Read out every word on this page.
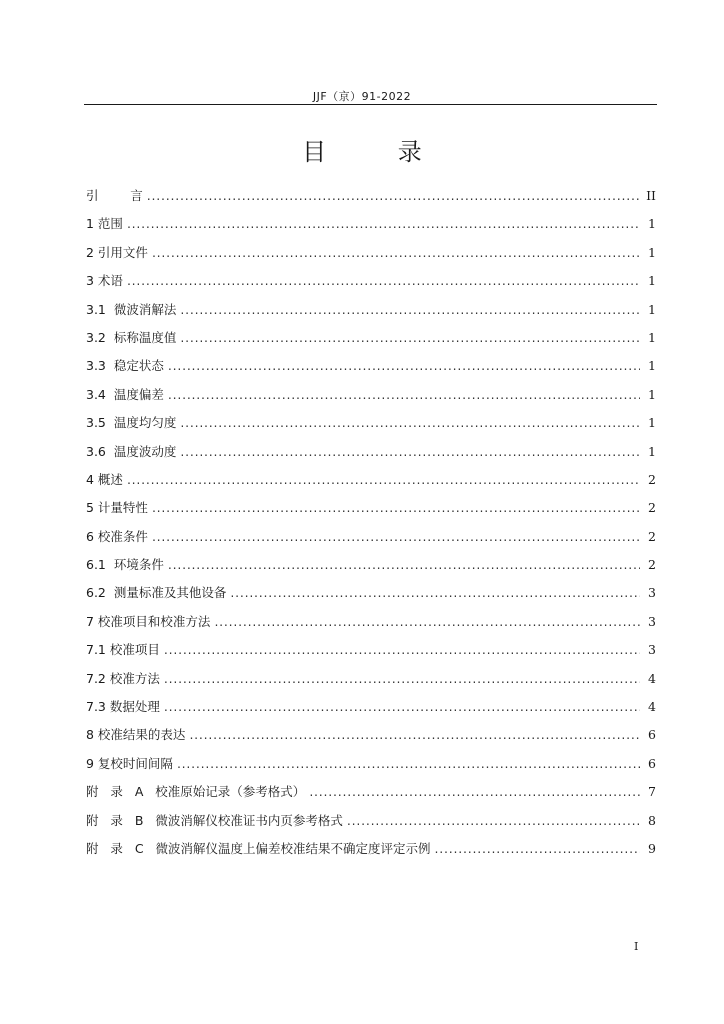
JJF（京）91-2022
目 录
引        言 . . .	II
1 范围 . . .	1
2 引用文件 . . .	1
3 术语 . . .	1
3.1  微波消解法 . . .	1
3.2  标称温度值 . . .	1
3.3  稳定状态 . . .	1
3.4  温度偏差 . . .	1
3.5  温度均匀度 . . .	1
3.6  温度波动度 . . .	1
4 概述 . . .	2
5 计量特性 . . .	2
6 校准条件 . . .	2
6.1  环境条件 . . .	2
6.2  测量标准及其他设备 . . .	3
7 校准项目和校准方法 . . .	3
7.1 校准项目 . . .	3
7.2 校准方法 . . .	4
7.3 数据处理 . . .	4
8 校准结果的表达 . . .	6
9 复校时间间隔 . . .	6
附   录   A   校准原始记录（参考格式） . . .	7
附   录   B   微波消解仪校准证书内页参考格式 . . .	8
附   录   C   微波消解仪温度上偏差校准结果不确定度评定示例 . . .	9
I
